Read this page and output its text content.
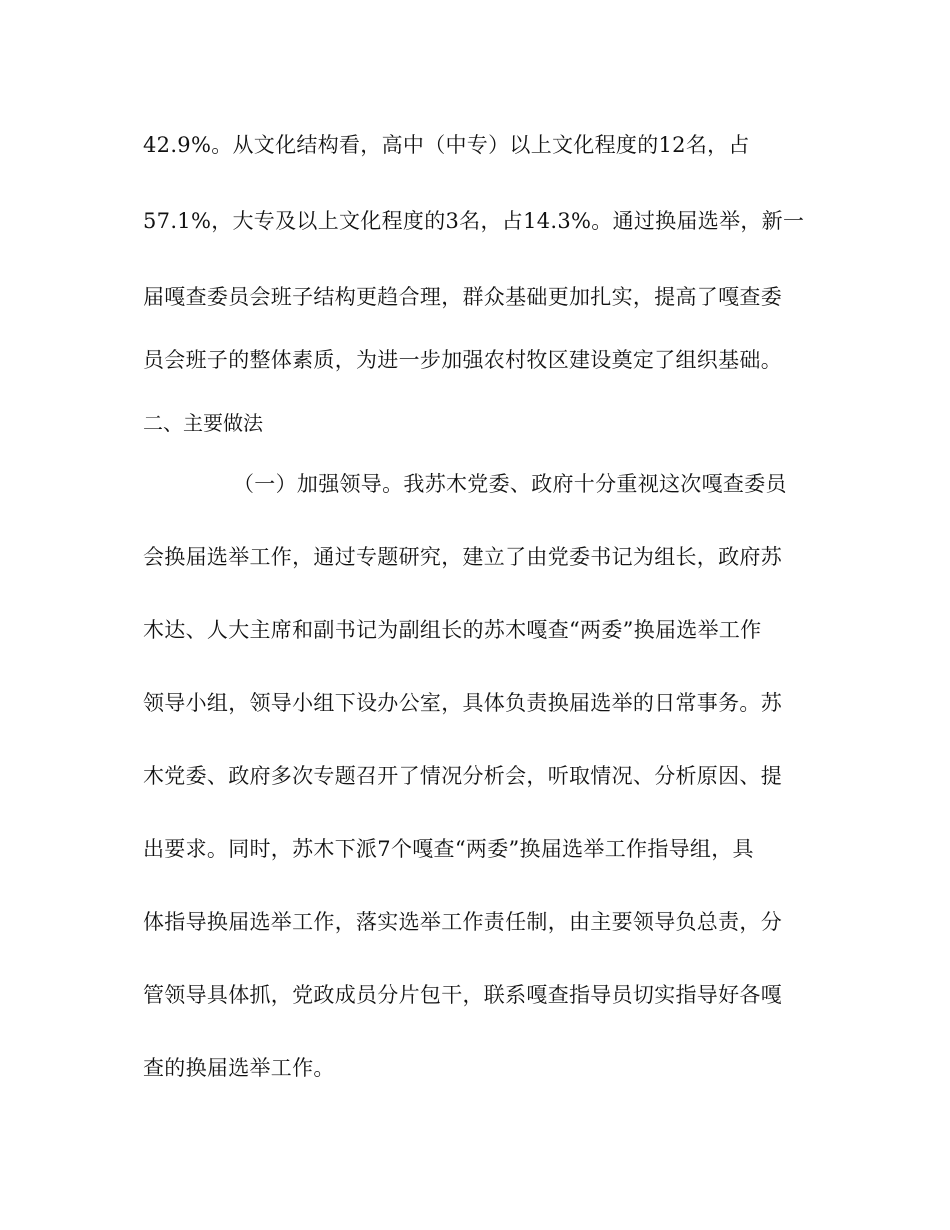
42.9%。从文化结构看，高中（中专）以上文化程度的12名，占
57.1%，大专及以上文化程度的3名，占14.3%。通过换届选举，新一
届嘎查委员会班子结构更趋合理，群众基础更加扎实，提高了嘎查委
员会班子的整体素质，为进一步加强农村牧区建设奠定了组织基础。
二、主要做法
（一）加强领导。我苏木党委、政府十分重视这次嘎查委员
会换届选举工作，通过专题研究，建立了由党委书记为组长，政府苏
木达、人大主席和副书记为副组长的苏木嘎查“两委”换届选举工作
领导小组，领导小组下设办公室，具体负责换届选举的日常事务。苏
木党委、政府多次专题召开了情况分析会，听取情况、分析原因、提
出要求。同时，苏木下派7个嘎查“两委”换届选举工作指导组，具
体指导换届选举工作，落实选举工作责任制，由主要领导负总责，分
管领导具体抓，党政成员分片包干，联系嘎查指导员切实指导好各嘎
查的换届选举工作。
